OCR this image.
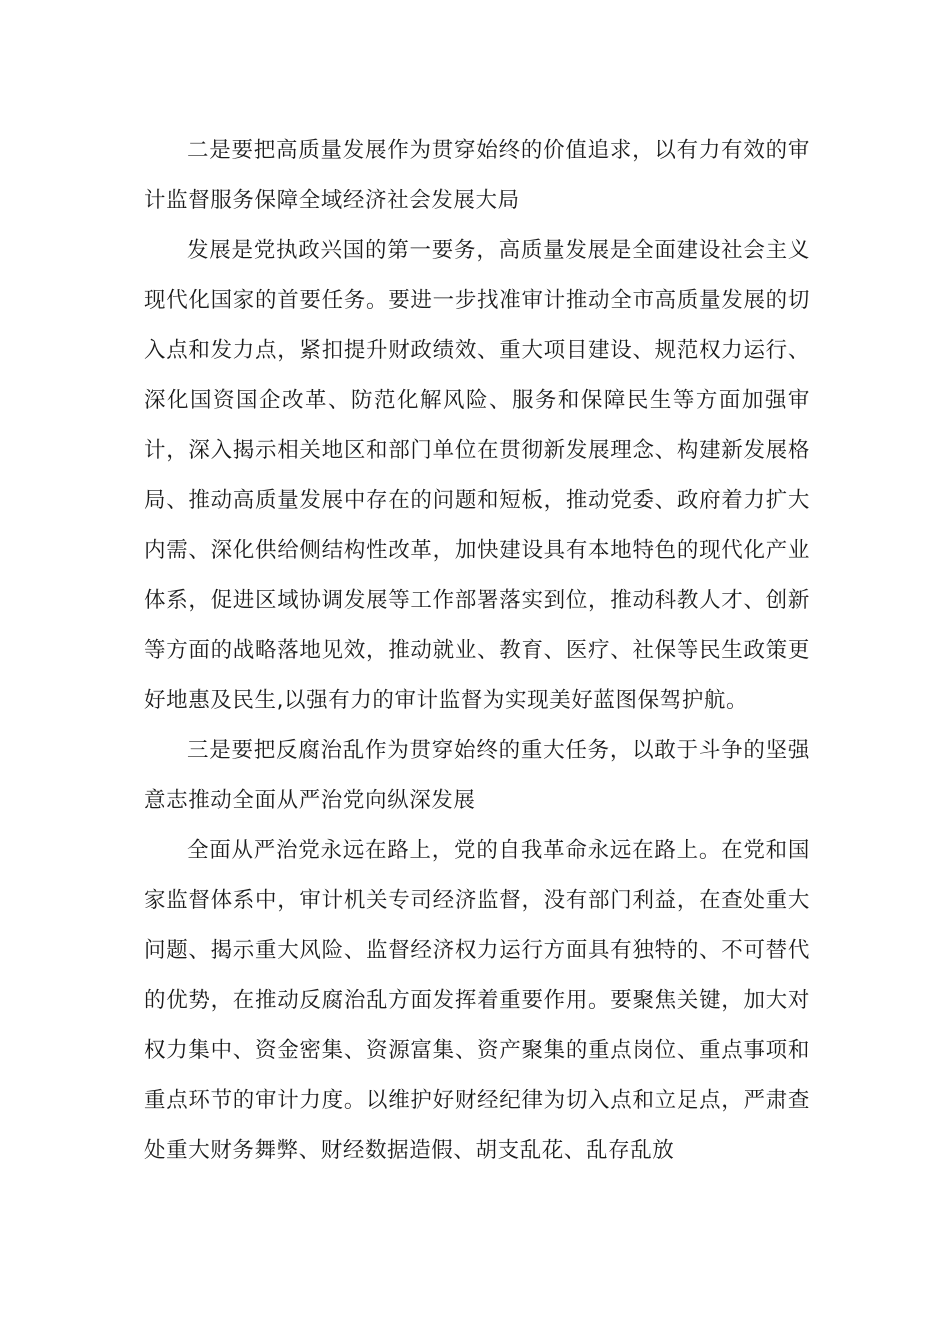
二是要把高质量发展作为贯穿始终的价值追求，以有力有效的审计监督服务保障全域经济社会发展大局

发展是党执政兴国的第一要务，高质量发展是全面建设社会主义现代化国家的首要任务。要进一步找准审计推动全市高质量发展的切入点和发力点，紧扣提升财政绩效、重大项目建设、规范权力运行、深化国资国企改革、防范化解风险、服务和保障民生等方面加强审计，深入揭示相关地区和部门单位在贯彻新发展理念、构建新发展格局、推动高质量发展中存在的问题和短板，推动党委、政府着力扩大内需、深化供给侧结构性改革，加快建设具有本地特色的现代化产业体系，促进区域协调发展等工作部署落实到位，推动科教人才、创新等方面的战略落地见效，推动就业、教育、医疗、社保等民生政策更好地惠及民生,以强有力的审计监督为实现美好蓝图保驾护航。

三是要把反腐治乱作为贯穿始终的重大任务，以敢于斗争的坚强意志推动全面从严治党向纵深发展

全面从严治党永远在路上，党的自我革命永远在路上。在党和国家监督体系中，审计机关专司经济监督，没有部门利益，在查处重大问题、揭示重大风险、监督经济权力运行方面具有独特的、不可替代的优势，在推动反腐治乱方面发挥着重要作用。要聚焦关键，加大对权力集中、资金密集、资源富集、资产聚集的重点岗位、重点事项和重点环节的审计力度。以维护好财经纪律为切入点和立足点，严肃查处重大财务舞弊、财经数据造假、胡支乱花、乱存乱放
